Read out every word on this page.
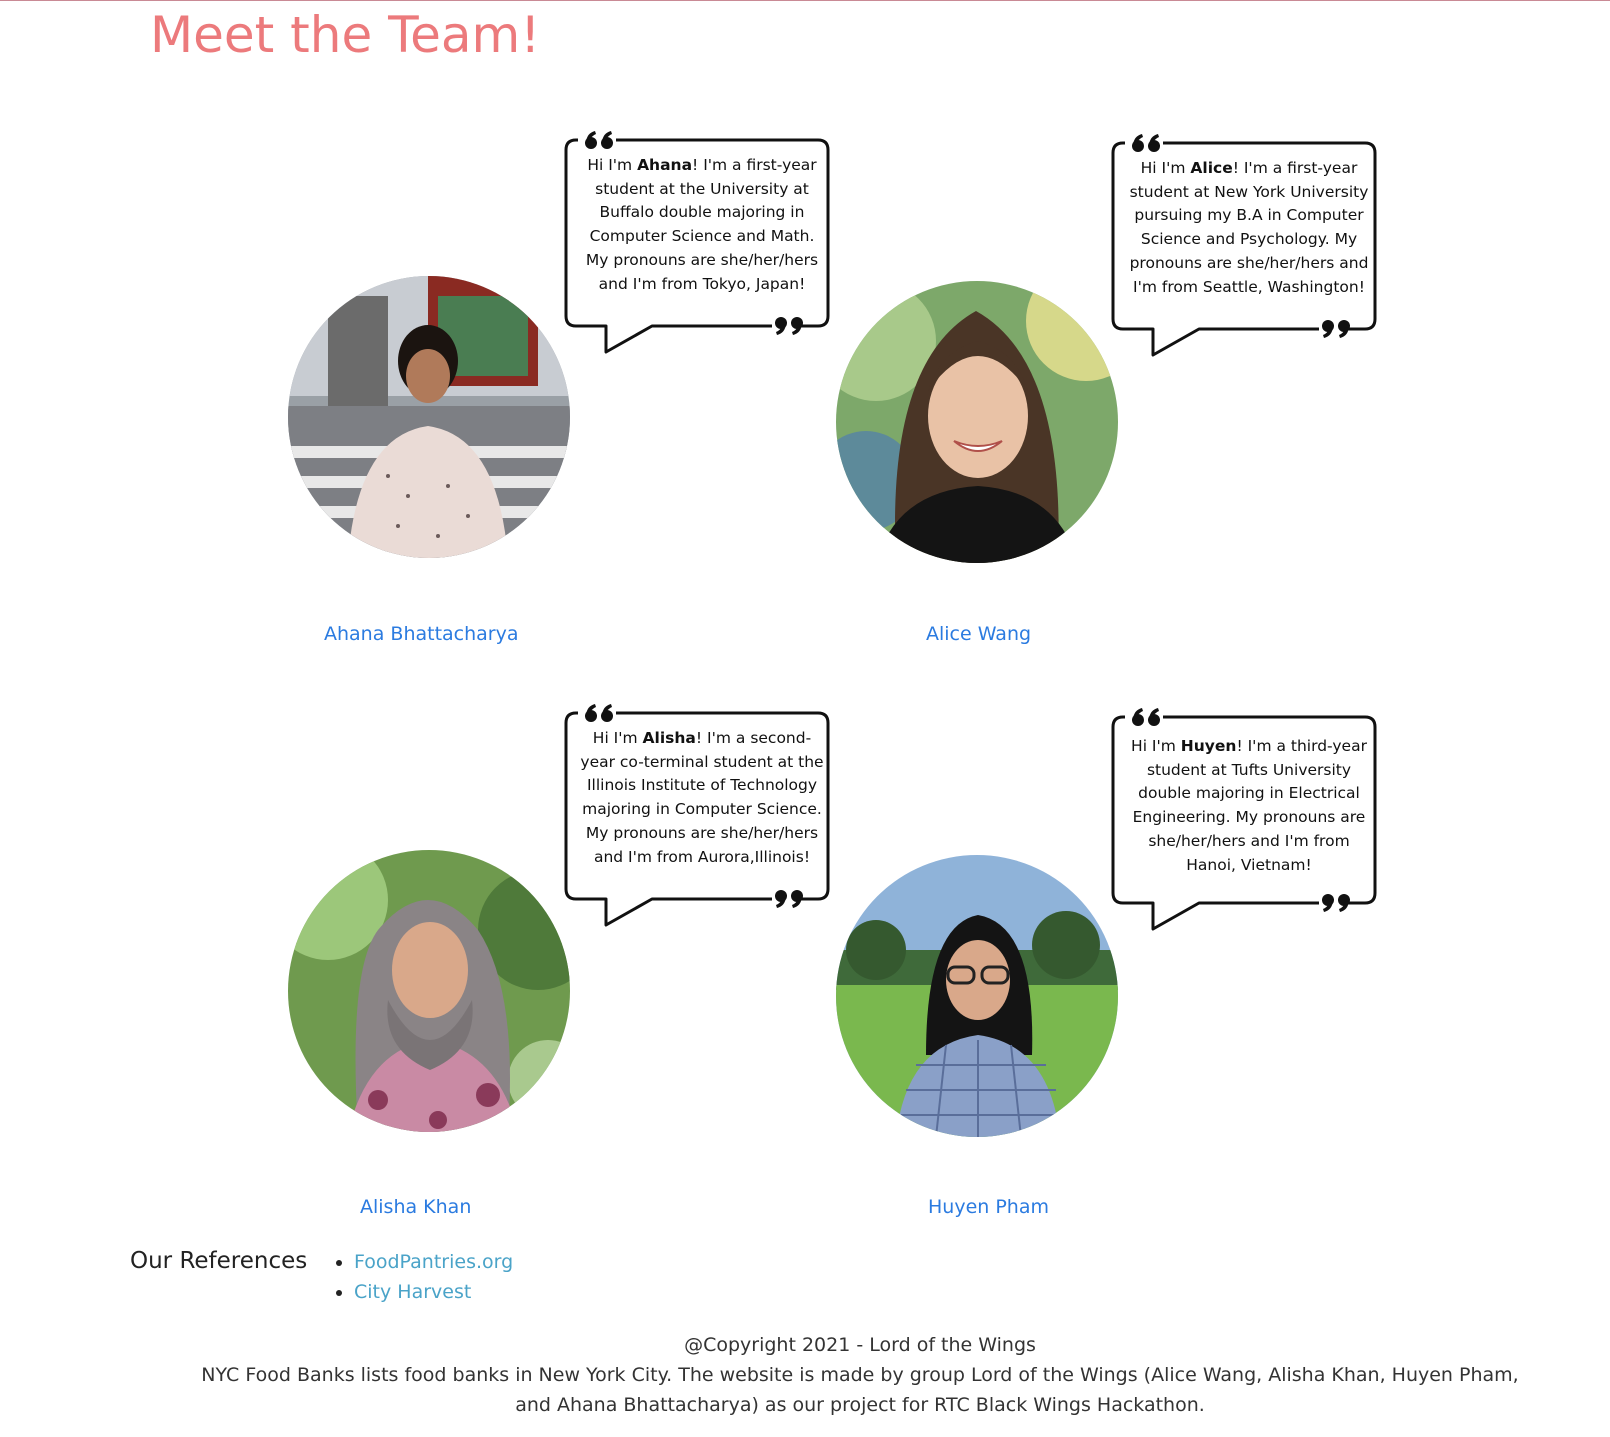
Meet the Team!
Hi I'm Ahana! I'm a first-year student at the University at Buffalo double majoring in Computer Science and Math. My pronouns are she/her/hers and I'm from Tokyo, Japan!
Ahana Bhattacharya
Hi I'm Alice! I'm a first-year student at New York University pursuing my B.A in Computer Science and Psychology. My pronouns are she/her/hers and I'm from Seattle, Washington!
Alice Wang
Hi I'm Alisha! I'm a second-year co-terminal student at the Illinois Institute of Technology majoring in Computer Science. My pronouns are she/her/hers and I'm from Aurora,Illinois!
Alisha Khan
Hi I'm Huyen! I'm a third-year student at Tufts University double majoring in Electrical Engineering. My pronouns are she/her/hers and I'm from Hanoi, Vietnam!
Huyen Pham
Our References
• FoodPantries.org
• City Harvest
@Copyright 2021 - Lord of the Wings
NYC Food Banks lists food banks in New York City. The website is made by group Lord of the Wings (Alice Wang, Alisha Khan, Huyen Pham, and Ahana Bhattacharya) as our project for RTC Black Wings Hackathon.
